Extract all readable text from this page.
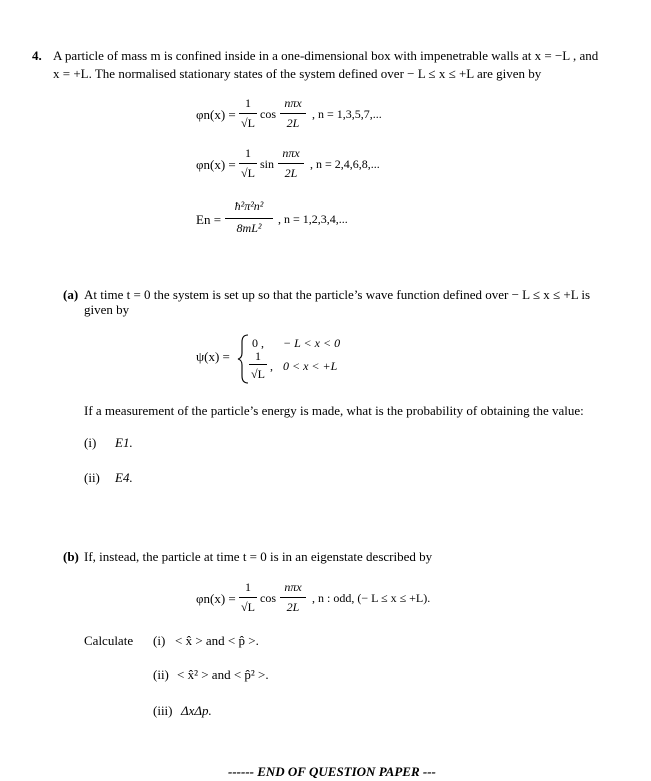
4. A particle of mass m is confined inside in a one-dimensional box with impenetrable walls at x = −L , and
x = +L. The normalised stationary states of the system defined over − L ≤ x ≤ +L are given by
φn(x) =
1
√L
cos
nπx
2L
, n = 1,3,5,7,...
φn(x) =
1
√L
sin
nπx
2L
, n = 2,4,6,8,...
En =
ħ²π²n²
8mL²
, n = 1,2,3,4,...
(a) At time t = 0 the system is set up so that the particle’s wave function defined over − L ≤ x ≤ +L is
given by
ψ(x) =
0 , − L < x < 0
1
√L
, 0 < x < +L
If a measurement of the particle’s energy is made, what is the probability of obtaining the value:
(i) E1.
(ii) E4.
(b) If, instead, the particle at time t = 0 is in an eigenstate described by
φn(x) =
1
√L
cos
nπx
2L
, n : odd, (− L ≤ x ≤ +L).
Calculate (i) < x̂ > and < p̂ >.
(ii) < x̂² > and < p̂² >.
(iii) ΔxΔp.
------ END OF QUESTION PAPER ---
